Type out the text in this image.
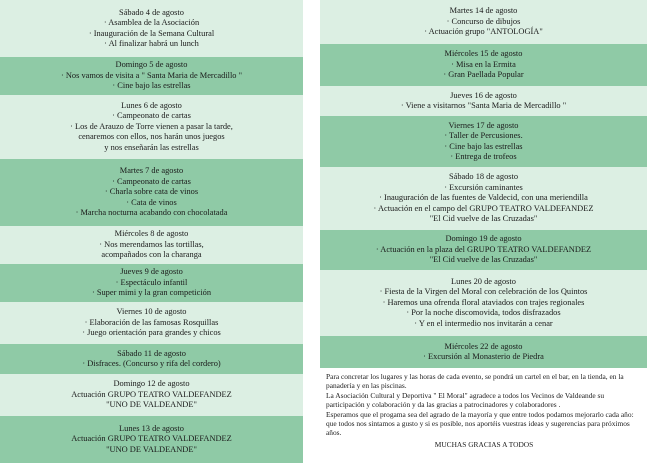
Sábado 4 de agosto
· Asamblea de la Asociación
· Inauguración de la Semana Cultural
· Al finalizar habrá un lunch
Domingo 5 de agosto
· Nos vamos de visita a " Santa Maria de Mercadillo "
· Cine bajo las estrellas
Lunes 6 de agosto
· Campeonato de cartas
· Los de Arauzo de Torre vienen a pasar la tarde,
cenaremos con ellos, nos harán unos juegos
y nos enseñarán las estrellas
Martes 7 de agosto
· Campeonato de cartas
· Charla sobre cata de vinos
· Cata de vinos
· Marcha nocturna acabando con chocolatada
Miércoles 8 de agosto
· Nos merendamos las tortillas,
acompañados con la charanga
Jueves 9 de agosto
· Espectáculo infantil
· Super mimi y la gran competición
Viernes 10 de agosto
· Elaboración de las famosas Rosquillas
· Juego orientación para grandes y chicos
Sábado 11 de agosto
· Disfraces. (Concurso y rifa del cordero)
Domingo 12 de agosto
Actuación GRUPO TEATRO VALDEFANDEZ
"UNO DE VALDEANDE"
Lunes 13 de agosto
Actuación GRUPO TEATRO VALDEFANDEZ
"UNO DE VALDEANDE"
Martes 14 de agosto
· Concurso de dibujos
· Actuación grupo "ANTOLOGÍA"
Miércoles 15 de agosto
· Misa en la Ermita
· Gran Paellada Popular
Jueves 16 de agosto
· Viene a visitarnos "Santa Maria de Mercadillo "
Viernes 17 de agosto
· Taller de Percusiones.
· Cine bajo las estrellas
· Entrega de trofeos
Sábado 18 de agosto
· Excursión caminantes
· Inauguración de las fuentes de Valdecid, con una meriendilla
· Actuación en el campo del GRUPO TEATRO VALDEFANDEZ
"El Cid vuelve de las Cruzadas"
Domingo 19 de agosto
· Actuación en la plaza del GRUPO TEATRO VALDEFANDEZ
"El Cid vuelve de las Cruzadas"
Lunes 20 de agosto
· Fiesta de la Virgen del Moral con celebración de los Quintos
· Haremos una ofrenda floral ataviados con trajes regionales
· Por la noche discomovida, todos disfrazados
· Y en el intermedio nos invitarán a cenar
Miércoles 22 de agosto
· Excursión al Monasterio de Piedra

Para concretar los lugares y las horas de cada evento, se pondrá un cartel en el bar, en la tienda, en la panadería y en las piscinas.

La Asociación Cultural y Deportiva " El Moral" agradece a todos los Vecinos de Valdeande su participación y colaboración y da las gracias a patrocinadores y colaboradores .

Esperamos que el progama sea del agrado de la mayoría y que entre todos podamos mejorarlo cada año: que todos nos sintamos a gusto y si es posible, nos aportéis vuestras ideas y sugerencias para próximos años.

MUCHAS GRACIAS A TODOS
